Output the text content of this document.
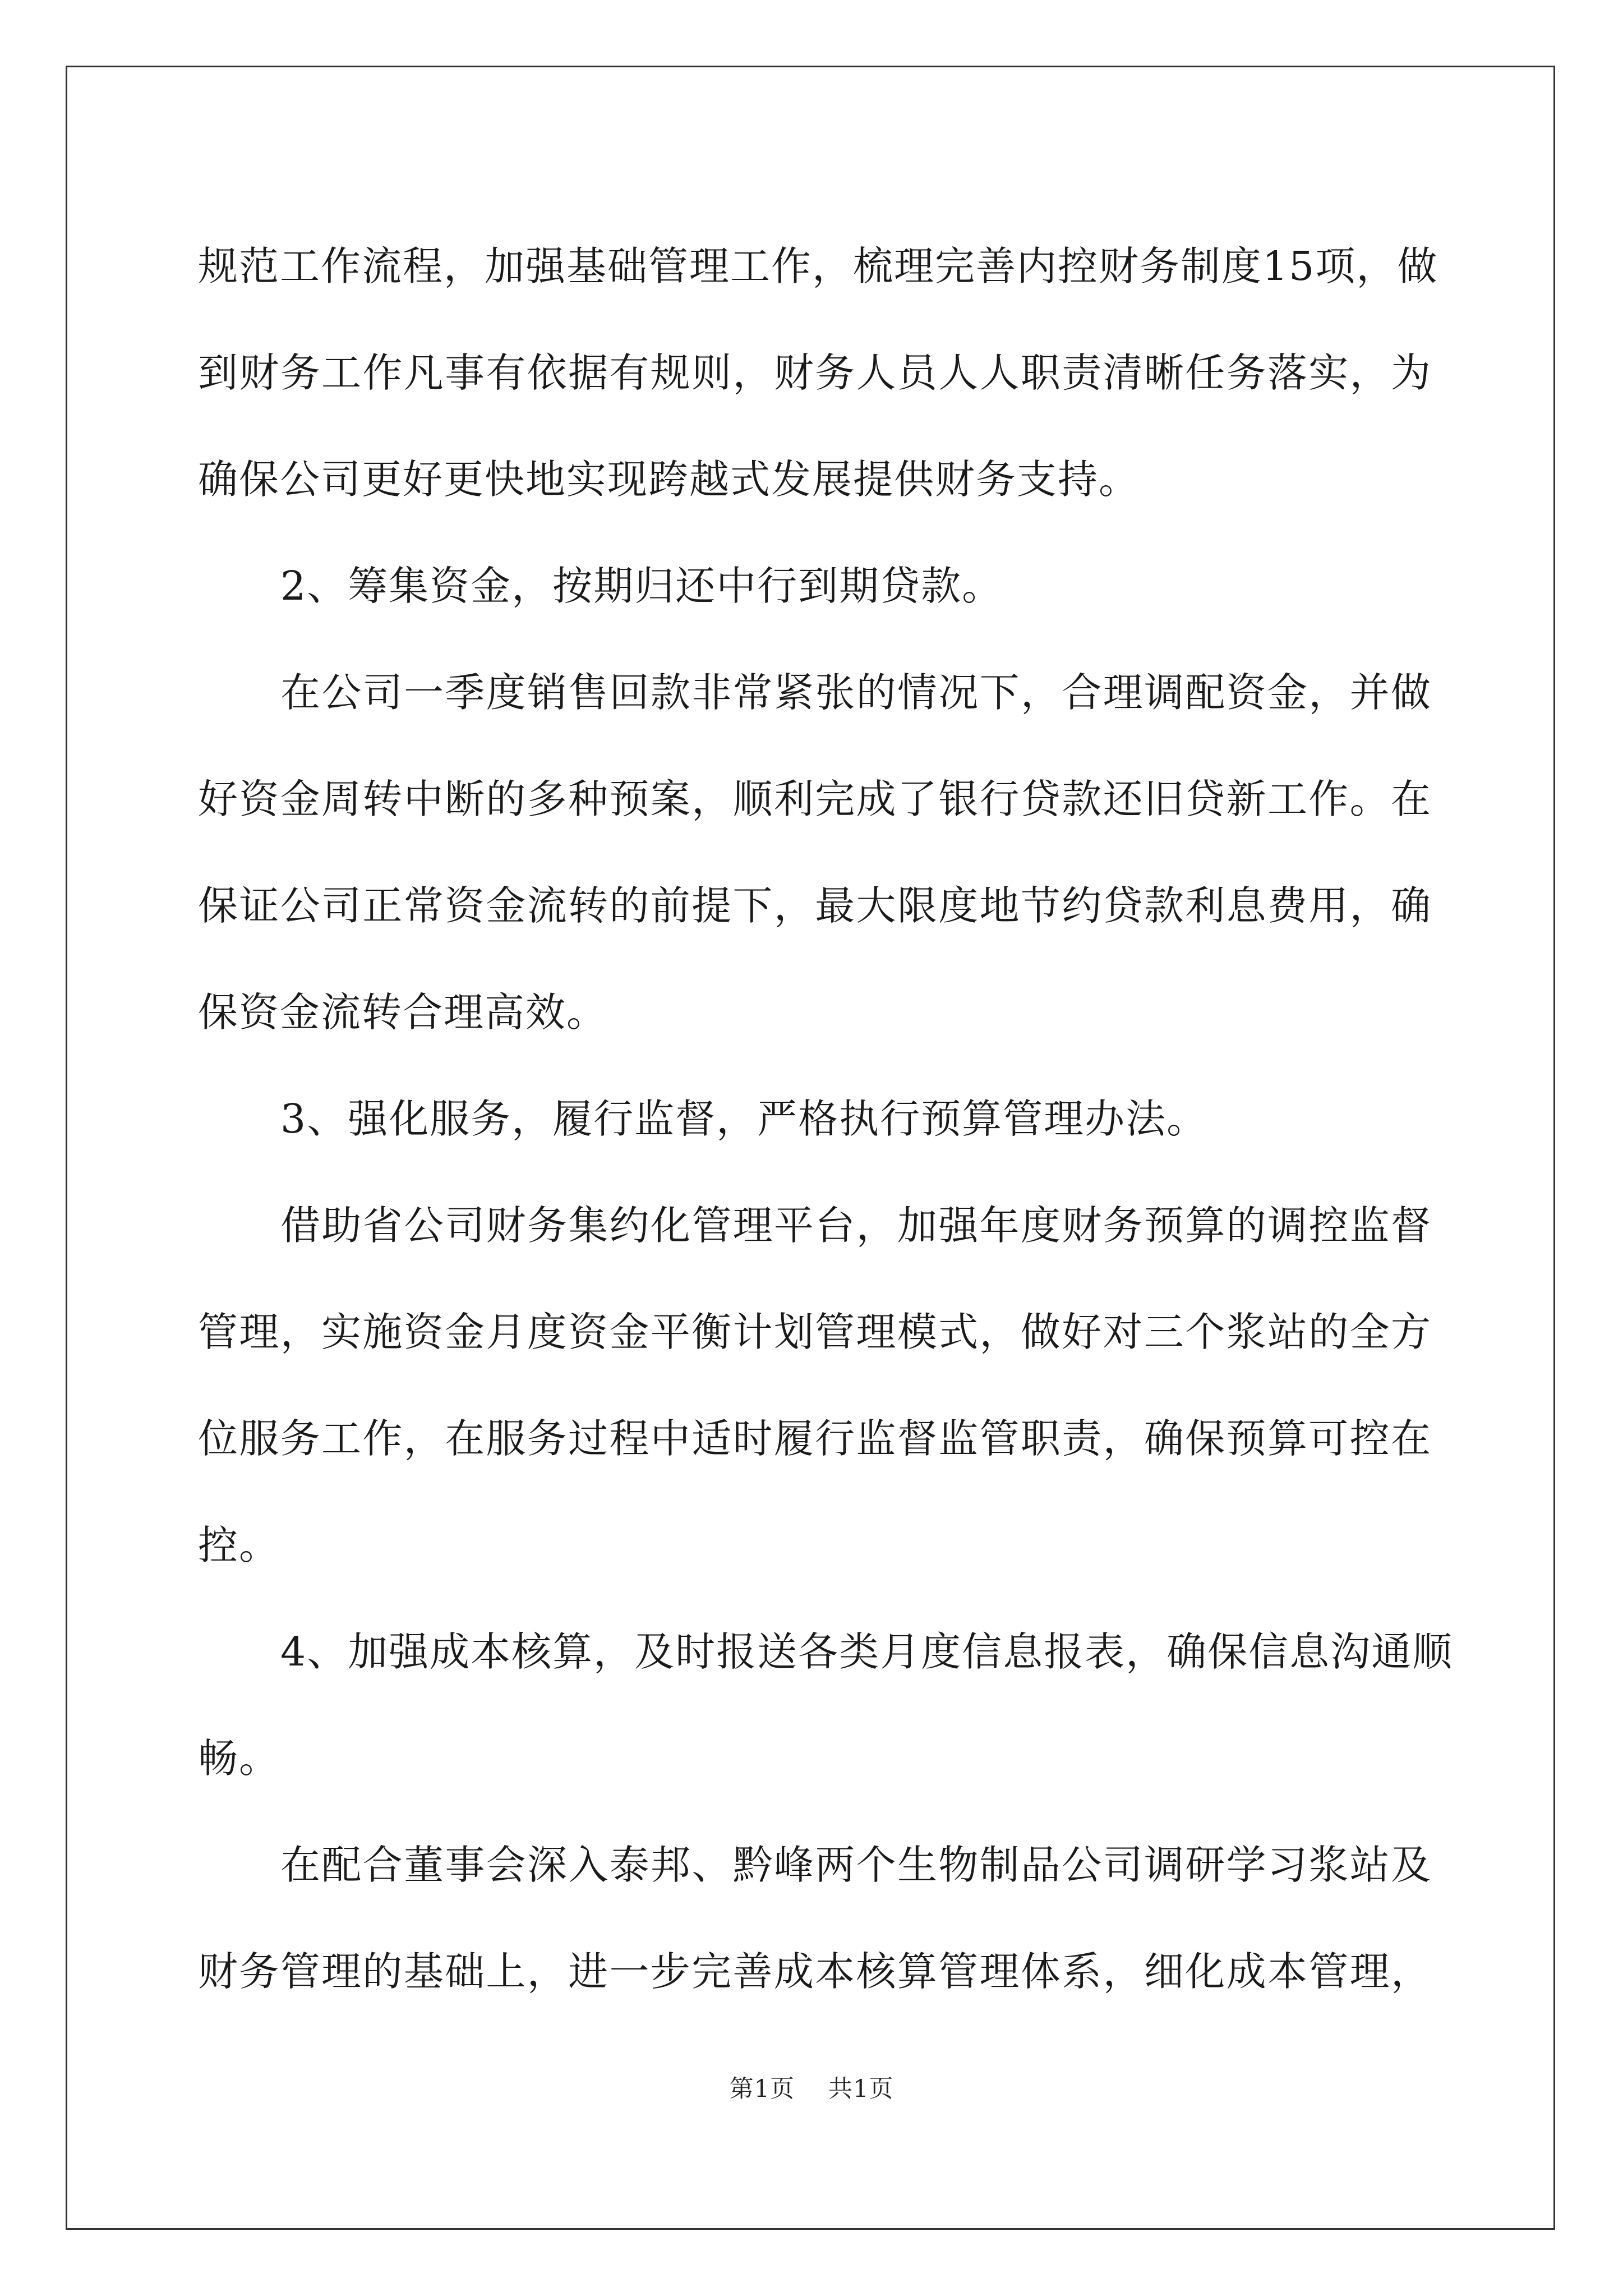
规范工作流程，加强基础管理工作，梳理完善内控财务制度15项，做
到财务工作凡事有依据有规则，财务人员人人职责清晰任务落实，为
确保公司更好更快地实现跨越式发展提供财务支持。
2、筹集资金，按期归还中行到期贷款。
在公司一季度销售回款非常紧张的情况下，合理调配资金，并做
好资金周转中断的多种预案，顺利完成了银行贷款还旧贷新工作。在
保证公司正常资金流转的前提下，最大限度地节约贷款利息费用，确
保资金流转合理高效。
3、强化服务，履行监督，严格执行预算管理办法。
借助省公司财务集约化管理平台，加强年度财务预算的调控监督
管理，实施资金月度资金平衡计划管理模式，做好对三个浆站的全方
位服务工作，在服务过程中适时履行监督监管职责，确保预算可控在
控。
4、加强成本核算，及时报送各类月度信息报表，确保信息沟通顺
畅。
在配合董事会深入泰邦、黔峰两个生物制品公司调研学习浆站及
财务管理的基础上，进一步完善成本核算管理体系，细化成本管理，
第1页 共1页
